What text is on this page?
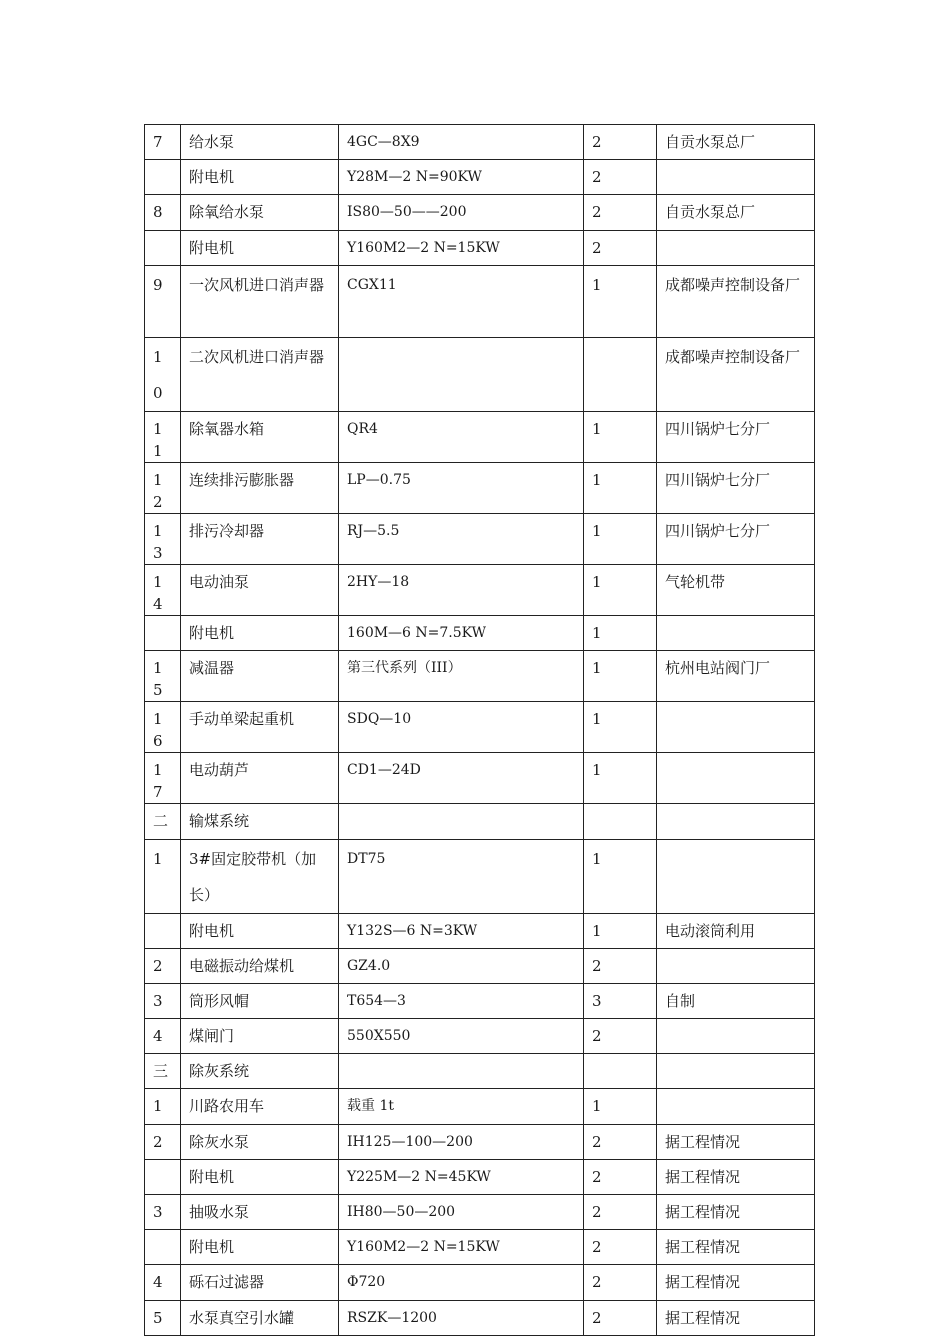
7	给水泵	4GC—8X9	2	自贡水泵总厂
	附电机	Y28M—2 N=90KW	2	
8	除氧给水泵	IS80—50——200	2	自贡水泵总厂
	附电机	Y160M2—2 N=15KW	2	
9	一次风机进口消声器	CGX11	1	成都噪声控制设备厂
10	二次风机进口消声器			成都噪声控制设备厂
11	除氧器水箱	QR4	1	四川锅炉七分厂
12	连续排污膨胀器	LP—0.75	1	四川锅炉七分厂
13	排污冷却器	RJ—5.5	1	四川锅炉七分厂
14	电动油泵	2HY—18	1	气轮机带
	附电机	160M—6 N=7.5KW	1	
15	减温器	第三代系列（III）	1	杭州电站阀门厂
16	手动单梁起重机	SDQ—10	1	
17	电动葫芦	CD1—24D	1	
二	输煤系统			
1	3#固定胶带机（加长）	DT75	1	
	附电机	Y132S—6 N=3KW	1	电动滚筒利用
2	电磁振动给煤机	GZ4.0	2	
3	筒形风帽	T654—3	3	自制
4	煤闸门	550X550	2	
三	除灰系统			
1	川路农用车	载重 1t	1	
2	除灰水泵	IH125—100—200	2	据工程情况
	附电机	Y225M—2 N=45KW	2	据工程情况
3	抽吸水泵	IH80—50—200	2	据工程情况
	附电机	Y160M2—2 N=15KW	2	据工程情况
4	砾石过滤器	Φ720	2	据工程情况
5	水泵真空引水罐	RSZK—1200	2	据工程情况
